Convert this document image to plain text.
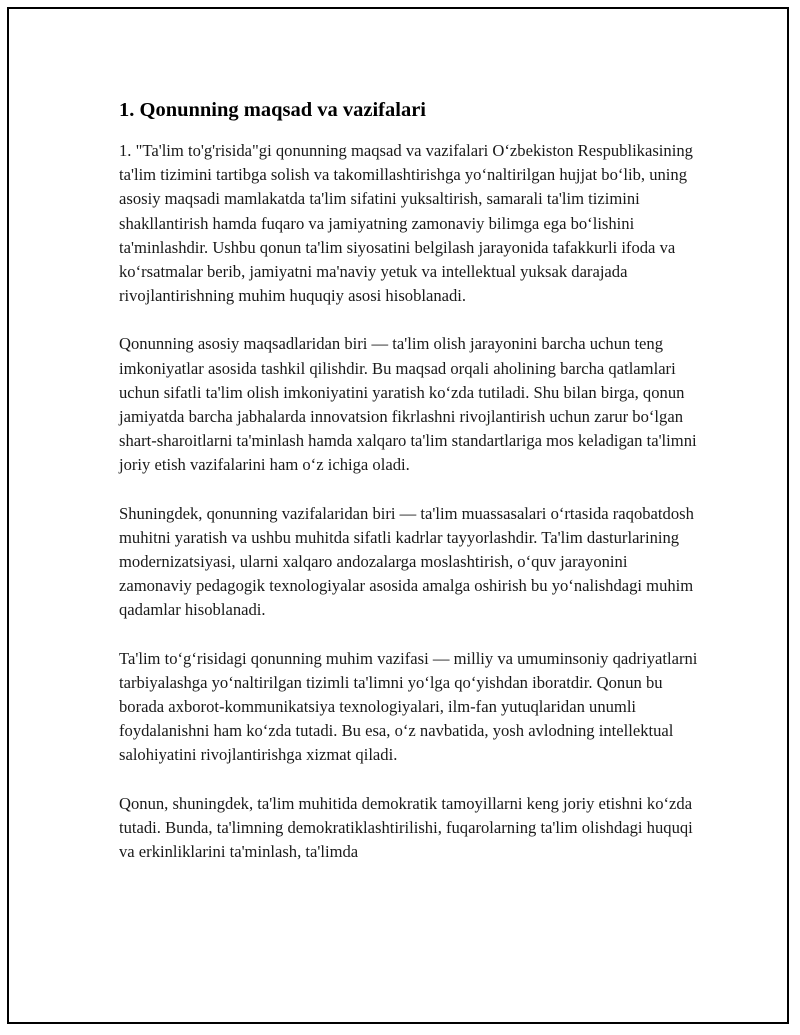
1. Qonunning maqsad va vazifalari

1. "Ta'lim to'g'risida"gi qonunning maqsad va vazifalari O‘zbekiston Respublikasining ta'lim tizimini tartibga solish va takomillashtirishga yo‘naltirilgan hujjat bo‘lib, uning asosiy maqsadi mamlakatda ta'lim sifatini yuksaltirish, samarali ta'lim tizimini shakllantirish hamda fuqaro va jamiyatning zamonaviy bilimga ega bo‘lishini ta'minlashdir. Ushbu qonun ta'lim siyosatini belgilash jarayonida tafakkurli ifoda va ko‘rsatmalar berib, jamiyatni ma'naviy yetuk va intellektual yuksak darajada rivojlantirishning muhim huquqiy asosi hisoblanadi.

Qonunning asosiy maqsadlaridan biri — ta'lim olish jarayonini barcha uchun teng imkoniyatlar asosida tashkil qilishdir. Bu maqsad orqali aholining barcha qatlamlari uchun sifatli ta'lim olish imkoniyatini yaratish ko‘zda tutiladi. Shu bilan birga, qonun jamiyatda barcha jabhalarda innovatsion fikrlashni rivojlantirish uchun zarur bo‘lgan shart-sharoitlarni ta'minlash hamda xalqaro ta'lim standartlariga mos keladigan ta'limni joriy etish vazifalarini ham o‘z ichiga oladi.

Shuningdek, qonunning vazifalaridan biri — ta'lim muassasalari o‘rtasida raqobatdosh muhitni yaratish va ushbu muhitda sifatli kadrlar tayyorlashdir. Ta'lim dasturlarining modernizatsiyasi, ularni xalqaro andozalarga moslashtirish, o‘quv jarayonini zamonaviy pedagogik texnologiyalar asosida amalga oshirish bu yo‘nalishdagi muhim qadamlar hisoblanadi.

Ta'lim to‘g‘risidagi qonunning muhim vazifasi — milliy va umuminsoniy qadriyatlarni tarbiyalashga yo‘naltirilgan tizimli ta'limni yo‘lga qo‘yishdan iboratdir. Qonun bu borada axborot-kommunikatsiya texnologiyalari, ilm-fan yutuqlaridan unumli foydalanishni ham ko‘zda tutadi. Bu esa, o‘z navbatida, yosh avlodning intellektual salohiyatini rivojlantirishga xizmat qiladi.

Qonun, shuningdek, ta'lim muhitida demokratik tamoyillarni keng joriy etishni ko‘zda tutadi. Bunda, ta'limning demokratiklashtirilishi, fuqarolarning ta'lim olishdagi huquqi va erkinliklarini ta'minlash, ta'limda
